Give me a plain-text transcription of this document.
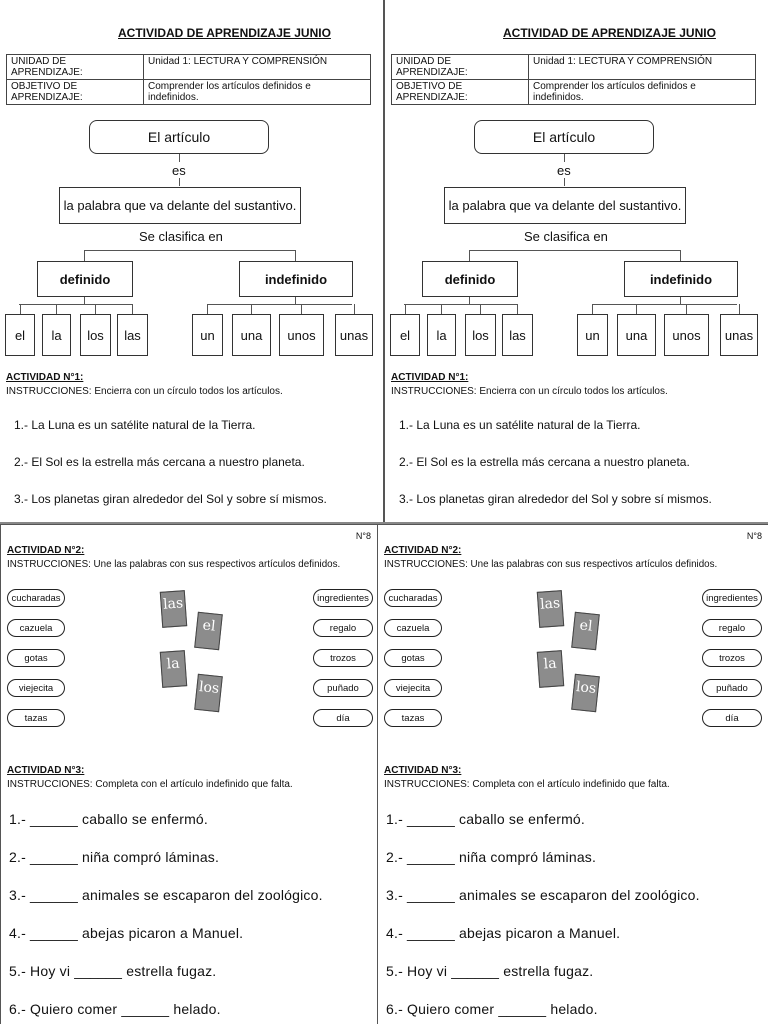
ACTIVIDAD DE APRENDIZAJE JUNIO
UNIDAD DE APRENDIZAJE:	Unidad 1: LECTURA Y COMPRENSIÓN
OBJETIVO DE APRENDIZAJE:	Comprender los artículos definidos e
indefinidos.
El artículo
es
la palabra que va delante del sustantivo.
Se clasifica en
definido	indefinido
el	la	los	las	un	una	unos	unas
ACTIVIDAD N°1:
INSTRUCCIONES: Encierra con un círculo todos los artículos.
1.- La Luna es un satélite natural de la Tierra.
2.- El Sol es la estrella más cercana a nuestro planeta.
3.- Los planetas giran alrededor del Sol y sobre sí mismos.
ACTIVIDAD DE APRENDIZAJE JUNIO
UNIDAD DE APRENDIZAJE:	Unidad 1: LECTURA Y COMPRENSIÓN
OBJETIVO DE APRENDIZAJE:	Comprender los artículos definidos e
indefinidos.
El artículo
es
la palabra que va delante del sustantivo.
Se clasifica en
definido	indefinido
el	la	los	las	un	una	unos	unas
ACTIVIDAD N°1:
INSTRUCCIONES: Encierra con un círculo todos los artículos.
1.- La Luna es un satélite natural de la Tierra.
2.- El Sol es la estrella más cercana a nuestro planeta.
3.- Los planetas giran alrededor del Sol y sobre sí mismos.
N°8
ACTIVIDAD N°2:
INSTRUCCIONES: Une las palabras con sus respectivos artículos definidos.
cucharadas
cazuela
gotas
viejecita
tazas
ingredientes
regalo
trozos
puñado
día
las
el
la
los
ACTIVIDAD N°3:
INSTRUCCIONES: Completa con el artículo indefinido que falta.
1.- ______ caballo se enfermó.
2.- ______ niña compró láminas.
3.- ______ animales se escaparon del zoológico.
4.- ______ abejas picaron a Manuel.
5.- Hoy vi ______ estrella fugaz.
6.- Quiero comer ______ helado.
N°8
ACTIVIDAD N°2:
INSTRUCCIONES: Une las palabras con sus respectivos artículos definidos.
cucharadas
cazuela
gotas
viejecita
tazas
ingredientes
regalo
trozos
puñado
día
las
el
la
los
ACTIVIDAD N°3:
INSTRUCCIONES: Completa con el artículo indefinido que falta.
1.- ______ caballo se enfermó.
2.- ______ niña compró láminas.
3.- ______ animales se escaparon del zoológico.
4.- ______ abejas picaron a Manuel.
5.- Hoy vi ______ estrella fugaz.
6.- Quiero comer ______ helado.
